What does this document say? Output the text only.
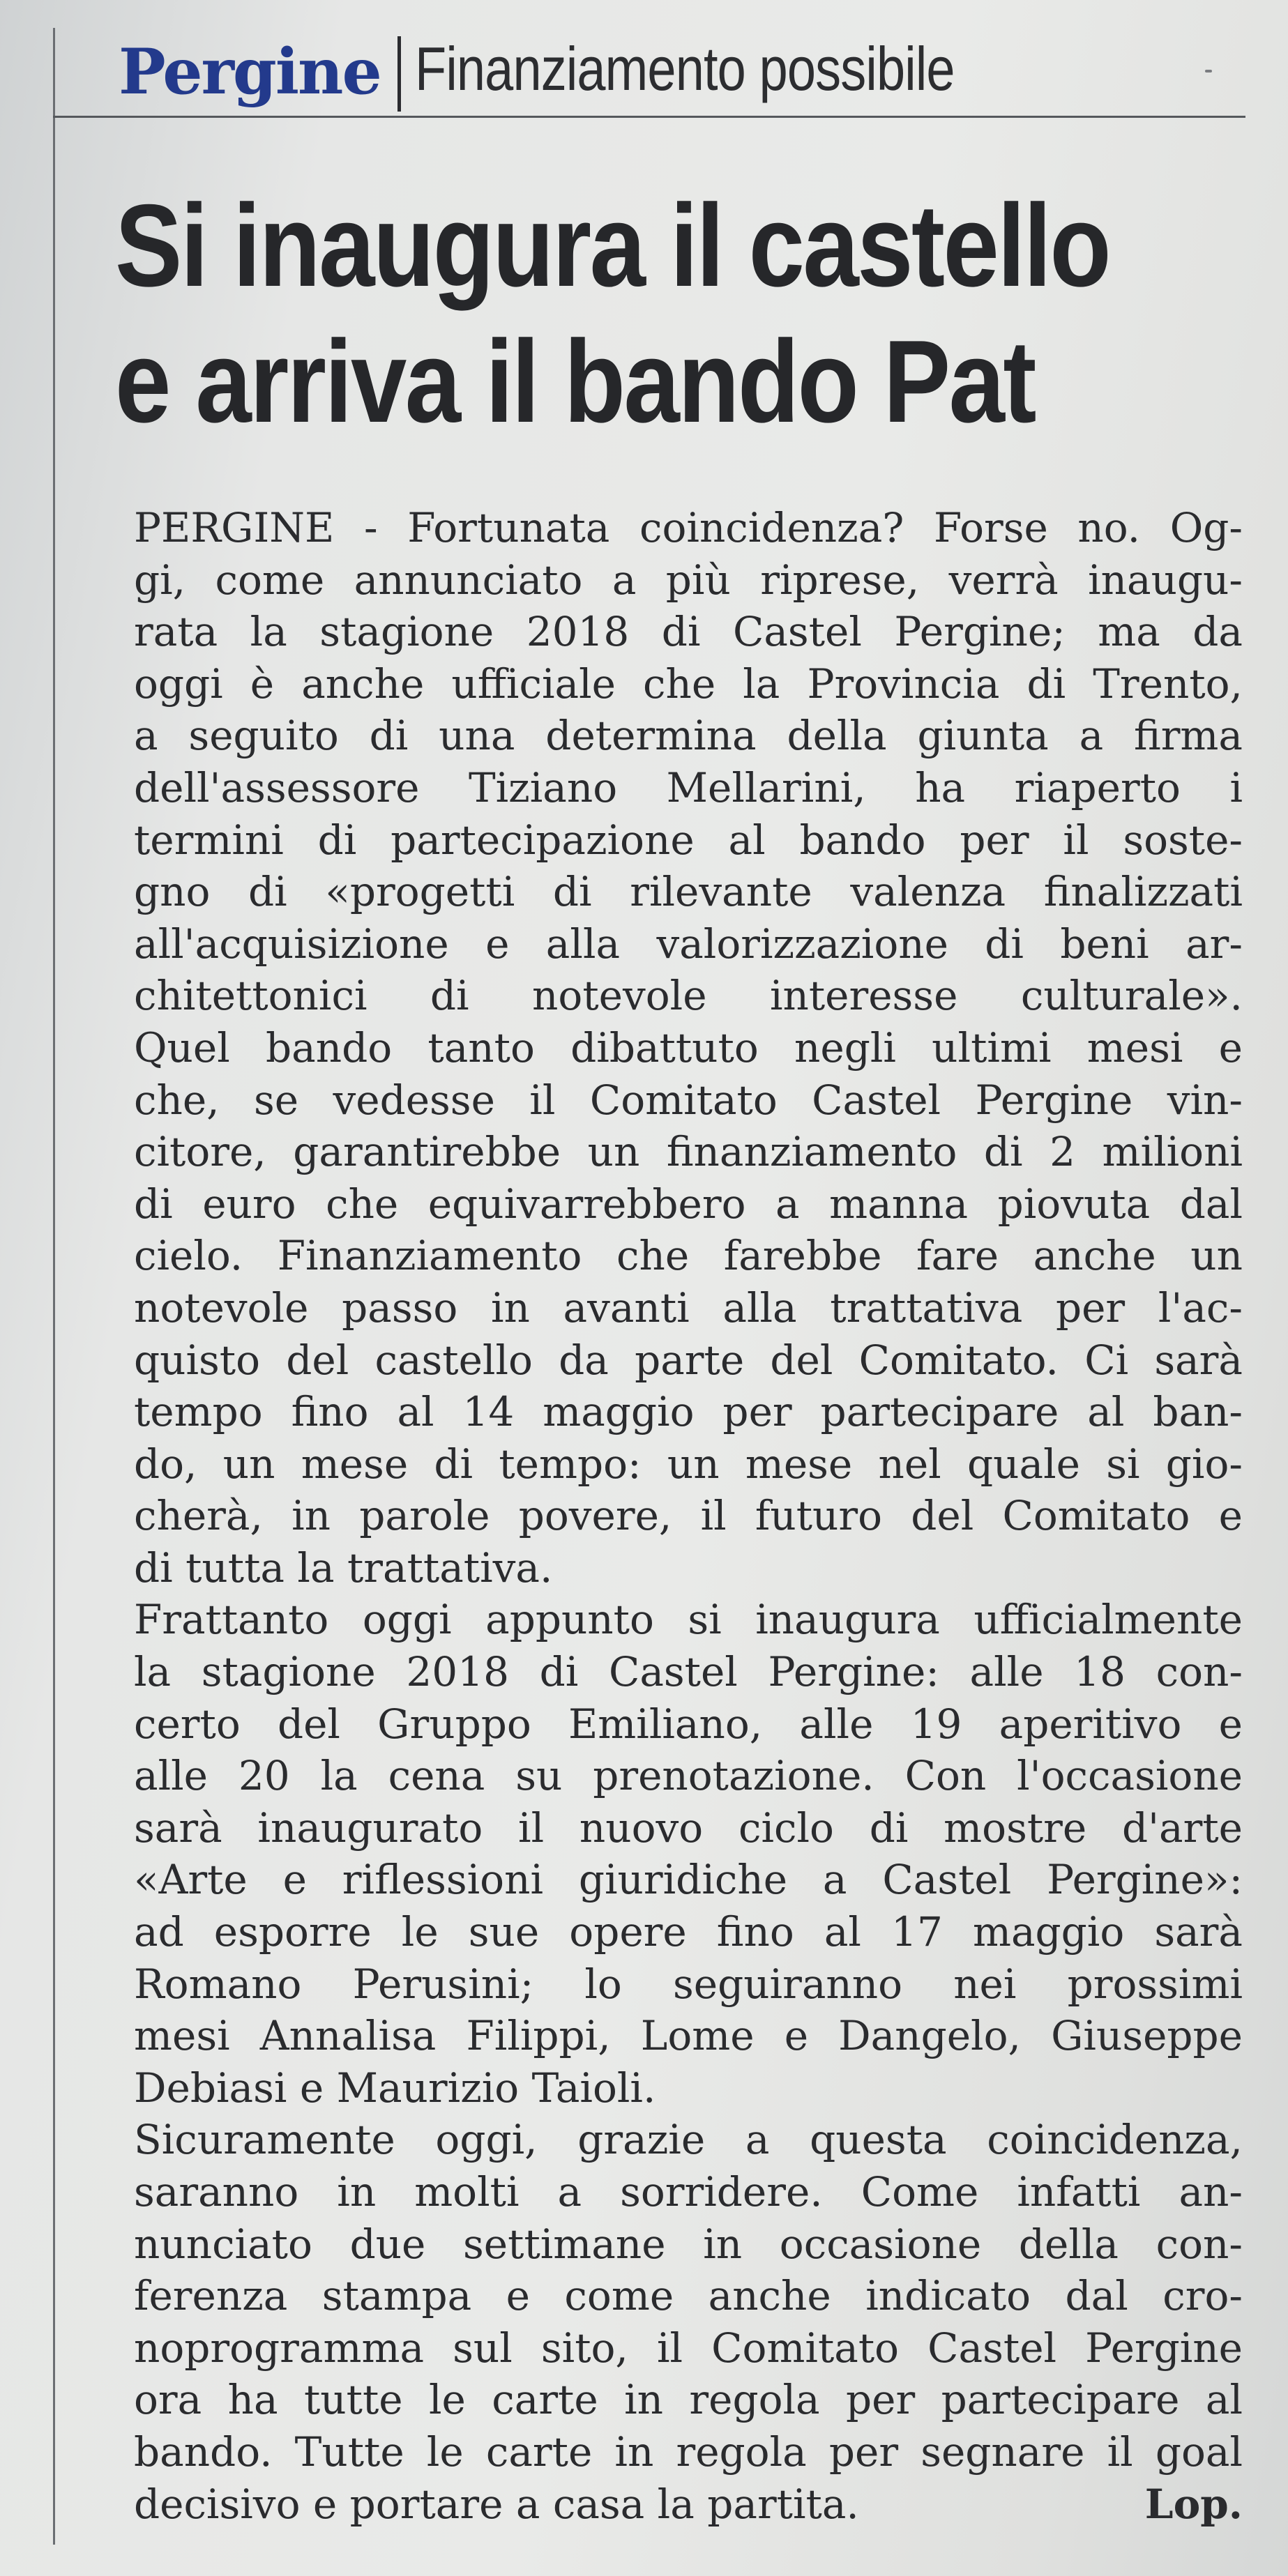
Pergine Finanziamento possibile
Si inaugura il castello
e arriva il bando Pat
PERGINE - Fortunata coincidenza? Forse no. Og-
gi, come annunciato a più riprese, verrà inaugu-
rata la stagione 2018 di Castel Pergine; ma da
oggi è anche ufficiale che la Provincia di Trento,
a seguito di una determina della giunta a firma
dell'assessore Tiziano Mellarini, ha riaperto i
termini di partecipazione al bando per il soste-
gno di «progetti di rilevante valenza finalizzati
all'acquisizione e alla valorizzazione di beni ar-
chitettonici di notevole interesse culturale».
Quel bando tanto dibattuto negli ultimi mesi e
che, se vedesse il Comitato Castel Pergine vin-
citore, garantirebbe un finanziamento di 2 milioni
di euro che equivarrebbero a manna piovuta dal
cielo. Finanziamento che farebbe fare anche un
notevole passo in avanti alla trattativa per l'ac-
quisto del castello da parte del Comitato. Ci sarà
tempo fino al 14 maggio per partecipare al ban-
do, un mese di tempo: un mese nel quale si gio-
cherà, in parole povere, il futuro del Comitato e
di tutta la trattativa.
Frattanto oggi appunto si inaugura ufficialmente
la stagione 2018 di Castel Pergine: alle 18 con-
certo del Gruppo Emiliano, alle 19 aperitivo e
alle 20 la cena su prenotazione. Con l'occasione
sarà inaugurato il nuovo ciclo di mostre d'arte
«Arte e riflessioni giuridiche a Castel Pergine»:
ad esporre le sue opere fino al 17 maggio sarà
Romano Perusini; lo seguiranno nei prossimi
mesi Annalisa Filippi, Lome e Dangelo, Giuseppe
Debiasi e Maurizio Taioli.
Sicuramente oggi, grazie a questa coincidenza,
saranno in molti a sorridere. Come infatti an-
nunciato due settimane in occasione della con-
ferenza stampa e come anche indicato dal cro-
noprogramma sul sito, il Comitato Castel Pergine
ora ha tutte le carte in regola per partecipare al
bando. Tutte le carte in regola per segnare il goal
decisivo e portare a casa la partita.	Lop.
